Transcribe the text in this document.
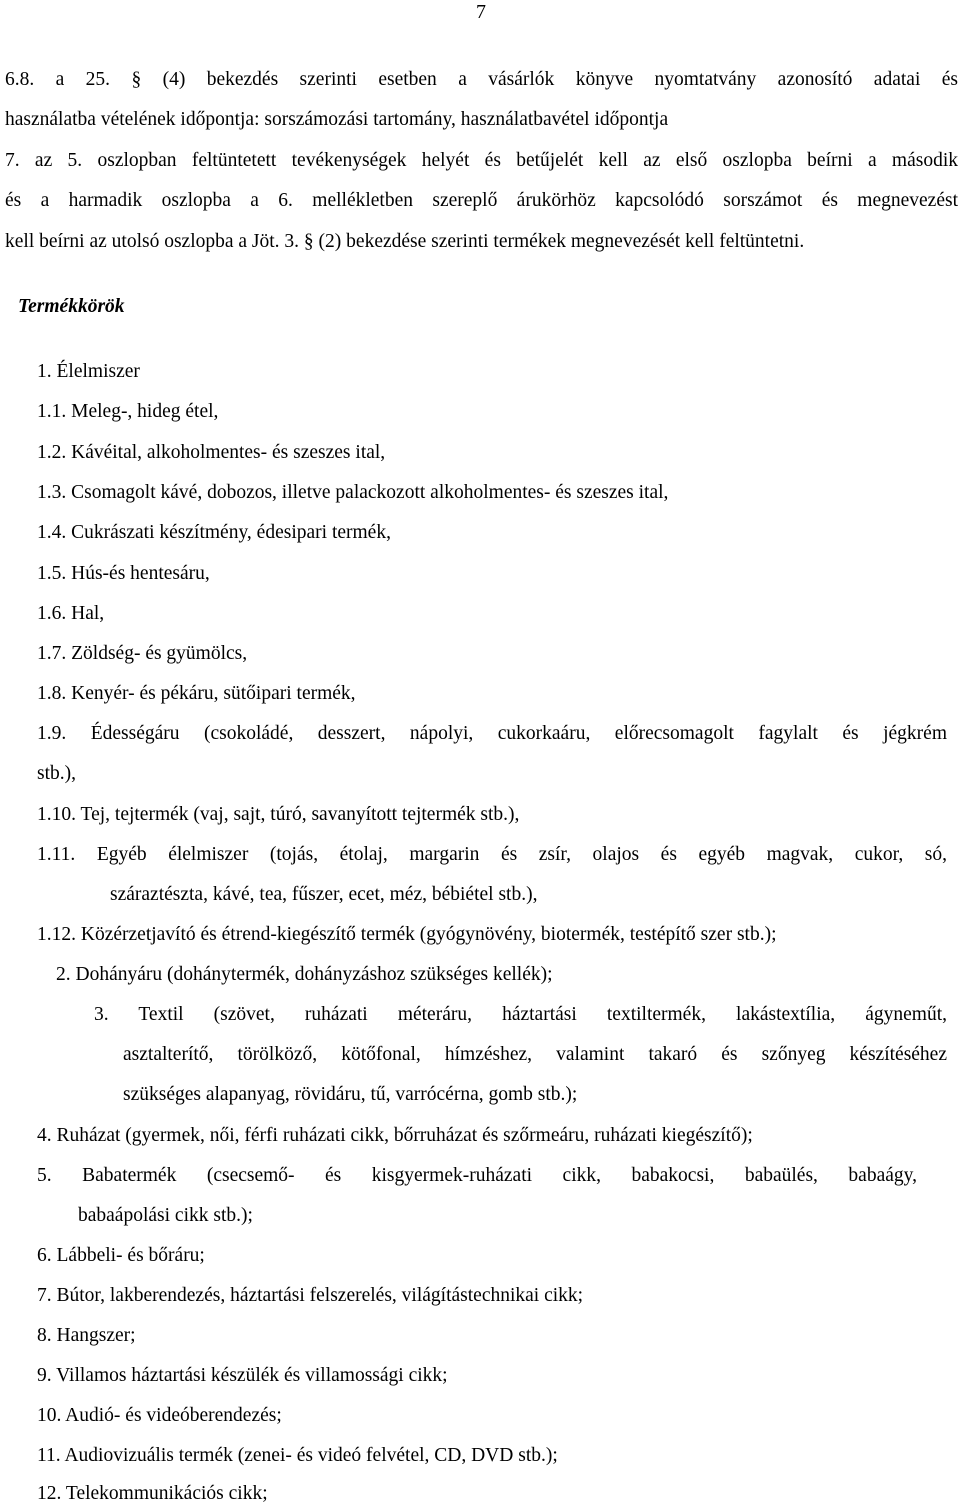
7
6.8. a 25. § (4) bekezdés szerinti esetben a vásárlók könyve nyomtatvány azonosító adatai és
használatba vételének időpontja: sorszámozási tartomány, használatbavétel időpontja
7. az 5. oszlopban feltüntetett tevékenységek helyét és betűjelét kell az első oszlopba beírni a második
és a harmadik oszlopba a 6. mellékletben szereplő árukörhöz kapcsolódó sorszámot és megnevezést
kell beírni az utolsó oszlopba a Jöt. 3. § (2) bekezdése szerinti termékek megnevezését kell feltüntetni.
Termékkörök
1. Élelmiszer
1.1. Meleg-, hideg étel,
1.2. Kávéital, alkoholmentes- és szeszes ital,
1.3. Csomagolt kávé, dobozos, illetve palackozott alkoholmentes- és szeszes ital,
1.4. Cukrászati készítmény, édesipari termék,
1.5. Hús-és hentesáru,
1.6. Hal,
1.7. Zöldség- és gyümölcs,
1.8. Kenyér- és pékáru, sütőipari termék,
1.9. Édességáru (csokoládé, desszert, nápolyi, cukorkaáru, előrecsomagolt fagylalt és jégkrém
stb.),
1.10. Tej, tejtermék (vaj, sajt, túró, savanyított tejtermék stb.),
1.11. Egyéb élelmiszer (tojás, étolaj, margarin és zsír, olajos és egyéb magvak, cukor, só,
száraztészta, kávé, tea, fűszer, ecet, méz, bébiétel stb.),
1.12. Közérzetjavító és étrend-kiegészítő termék (gyógynövény, biotermék, testépítő szer stb.);
2. Dohányáru (dohánytermék, dohányzáshoz szükséges kellék);
3. Textil (szövet, ruházati méteráru, háztartási textiltermék, lakástextília, ágyneműt,
asztalterítő, törölköző, kötőfonal, hímzéshez, valamint takaró és szőnyeg készítéséhez
szükséges alapanyag, rövidáru, tű, varrócérna, gomb stb.);
4. Ruházat (gyermek, női, férfi ruházati cikk, bőrruházat és szőrmeáru, ruházati kiegészítő);
5. Babatermék (csecsemő- és kisgyermek-ruházati cikk, babakocsi, babaülés, babaágy,
babaápolási cikk stb.);
6. Lábbeli- és bőráru;
7. Bútor, lakberendezés, háztartási felszerelés, világítástechnikai cikk;
8. Hangszer;
9. Villamos háztartási készülék és villamossági cikk;
10. Audió- és videóberendezés;
11. Audiovizuális termék (zenei- és videó felvétel, CD, DVD stb.);
12. Telekommunikációs cikk;
